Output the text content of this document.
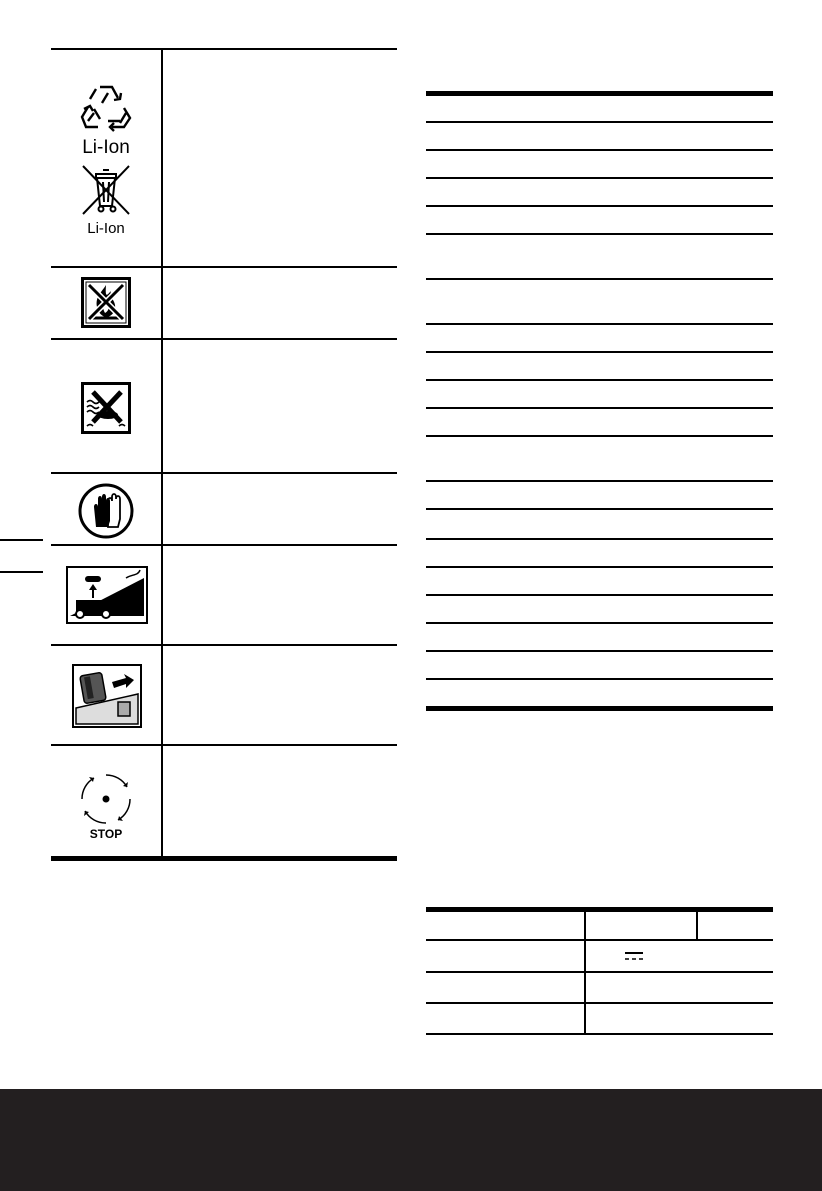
Li-Ion
Li-Ion
STOP
